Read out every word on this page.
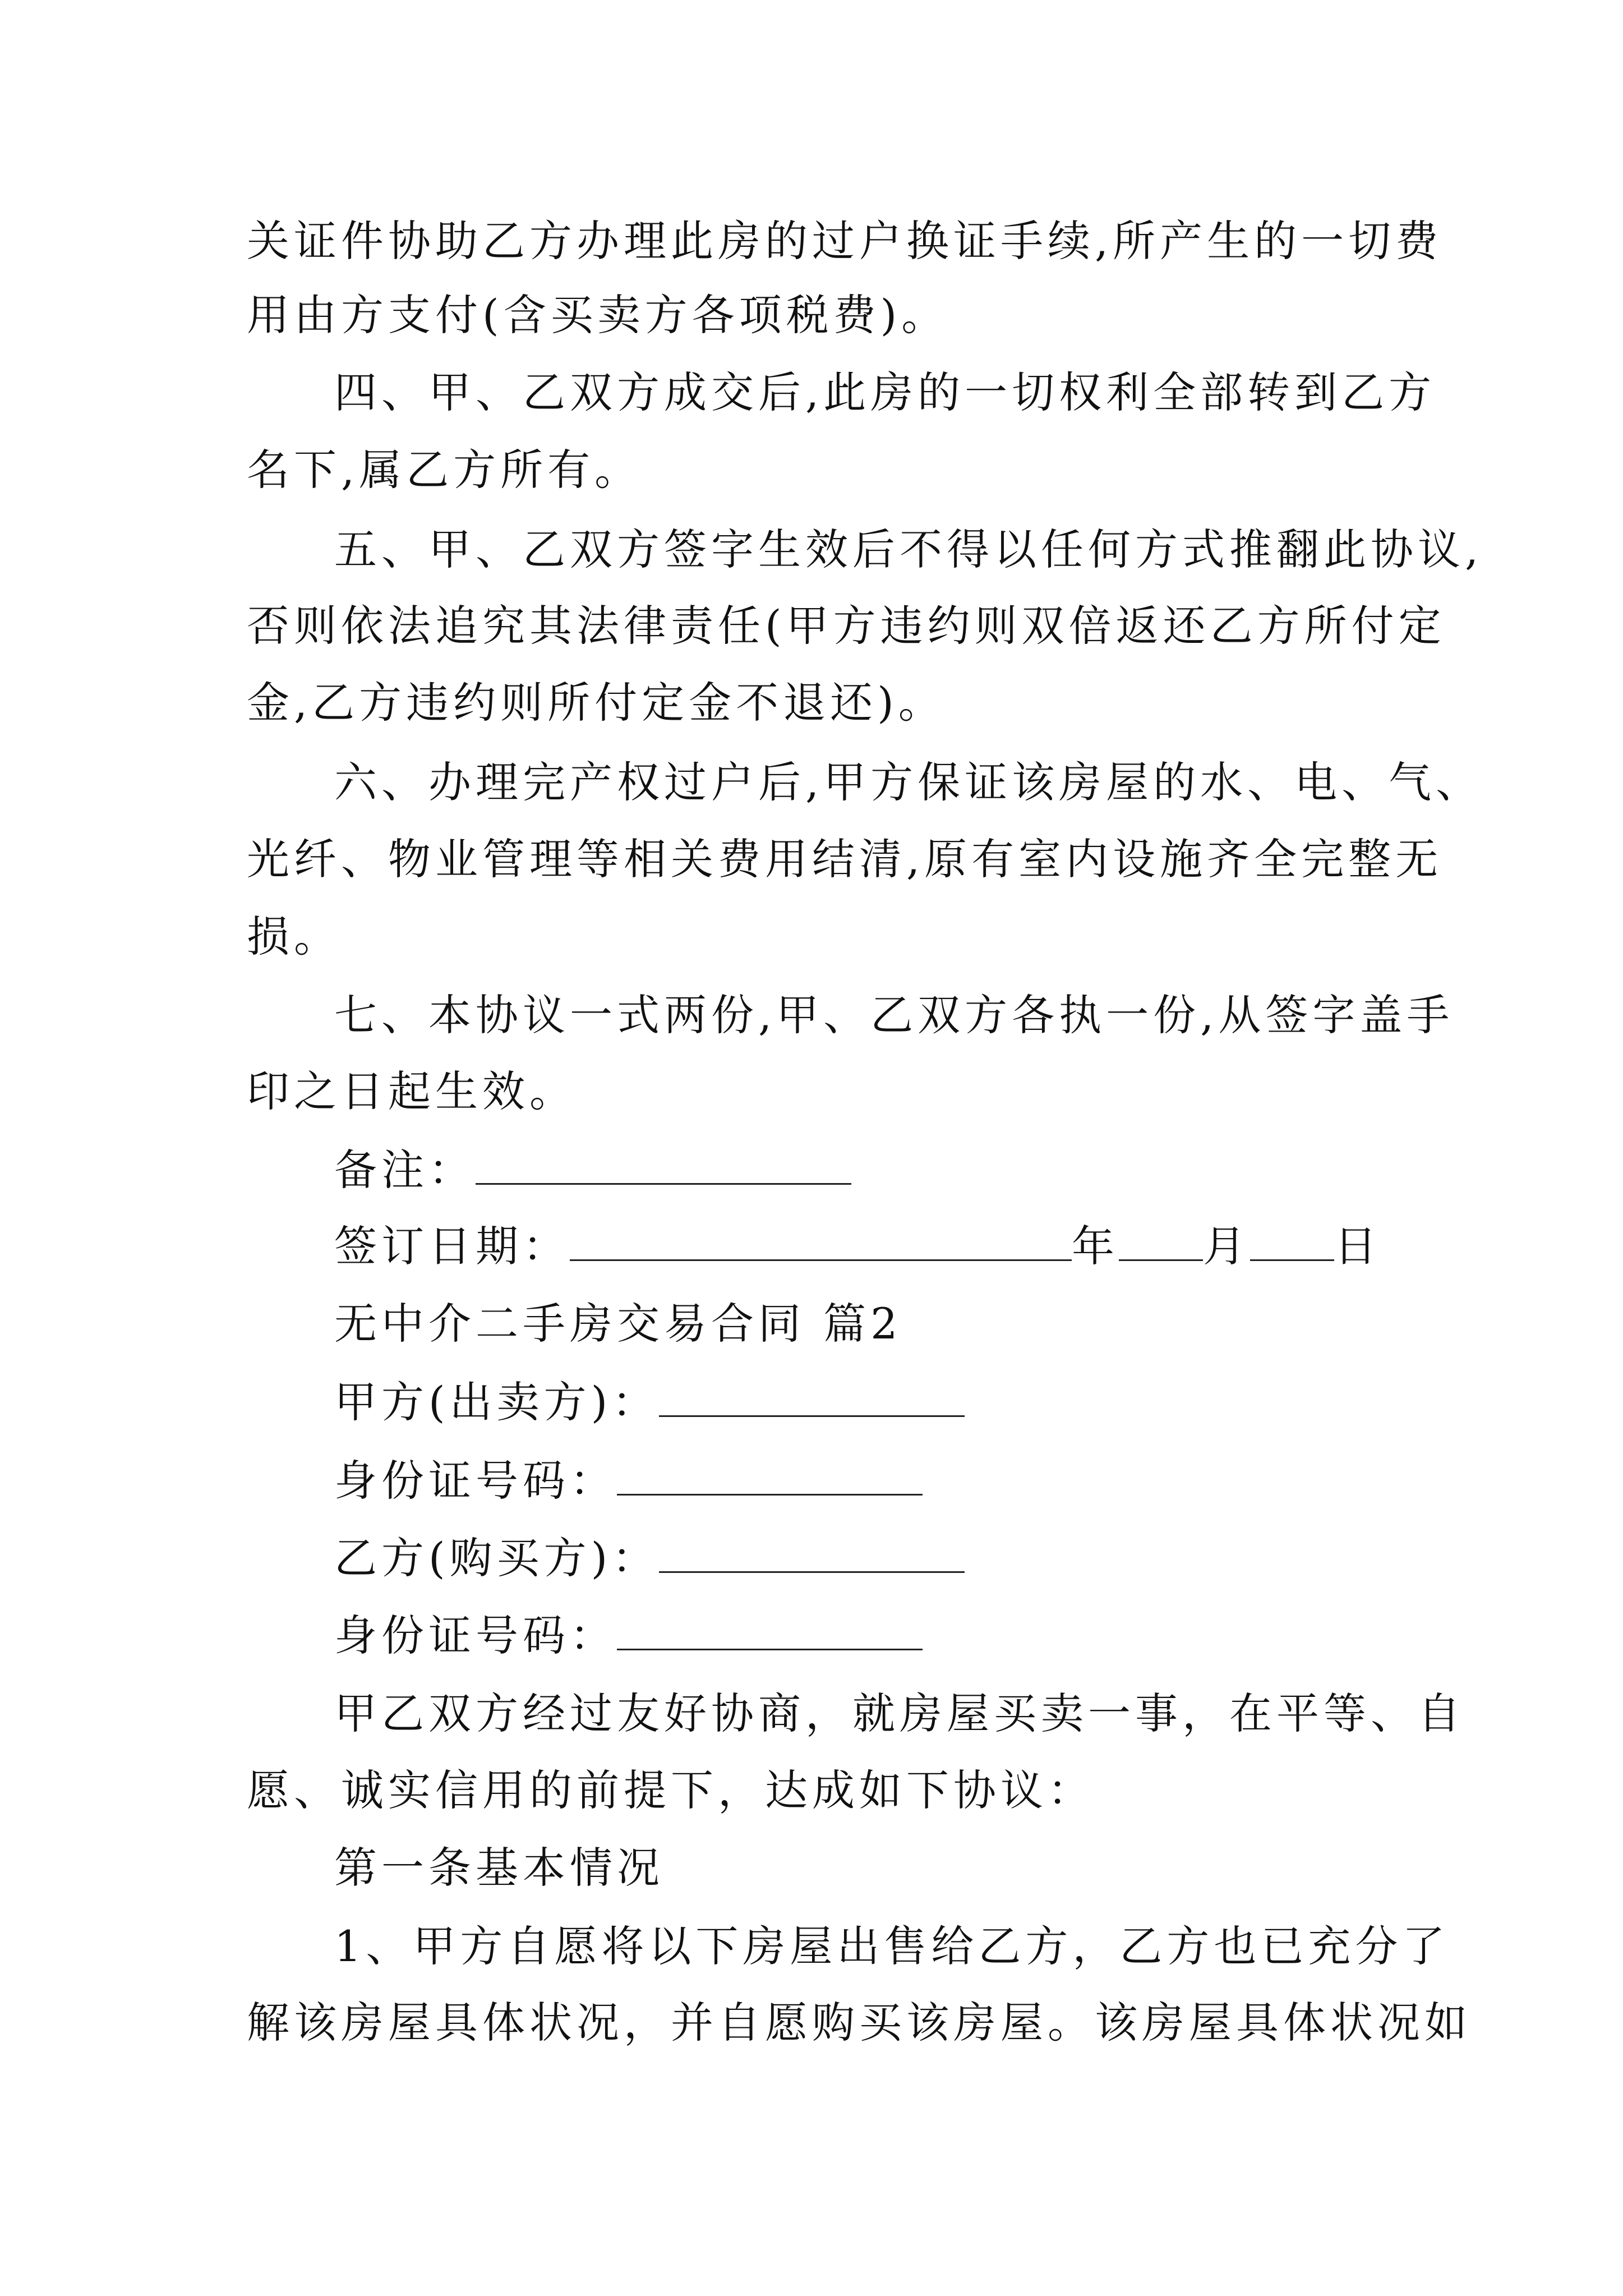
关证件协助乙方办理此房的过户换证手续,所产生的一切费
用由方支付(含买卖方各项税费)。
四、甲、乙双方成交后,此房的一切权利全部转到乙方
名下,属乙方所有。
五、甲、乙双方签字生效后不得以任何方式推翻此协议,
否则依法追究其法律责任(甲方违约则双倍返还乙方所付定
金,乙方违约则所付定金不退还)。
六、办理完产权过户后,甲方保证该房屋的水、电、气、
光纤、物业管理等相关费用结清,原有室内设施齐全完整无
损。
七、本协议一式两份,甲、乙双方各执一份,从签字盖手
印之日起生效。
备注：
签订日期：	年 月 日
无中介二手房交易合同 篇2
甲方(出卖方)：
身份证号码：
乙方(购买方)：
身份证号码：
甲乙双方经过友好协商，就房屋买卖一事，在平等、自
愿、诚实信用的前提下，达成如下协议：
第一条基本情况
1、甲方自愿将以下房屋出售给乙方，乙方也已充分了
解该房屋具体状况，并自愿购买该房屋。该房屋具体状况如
